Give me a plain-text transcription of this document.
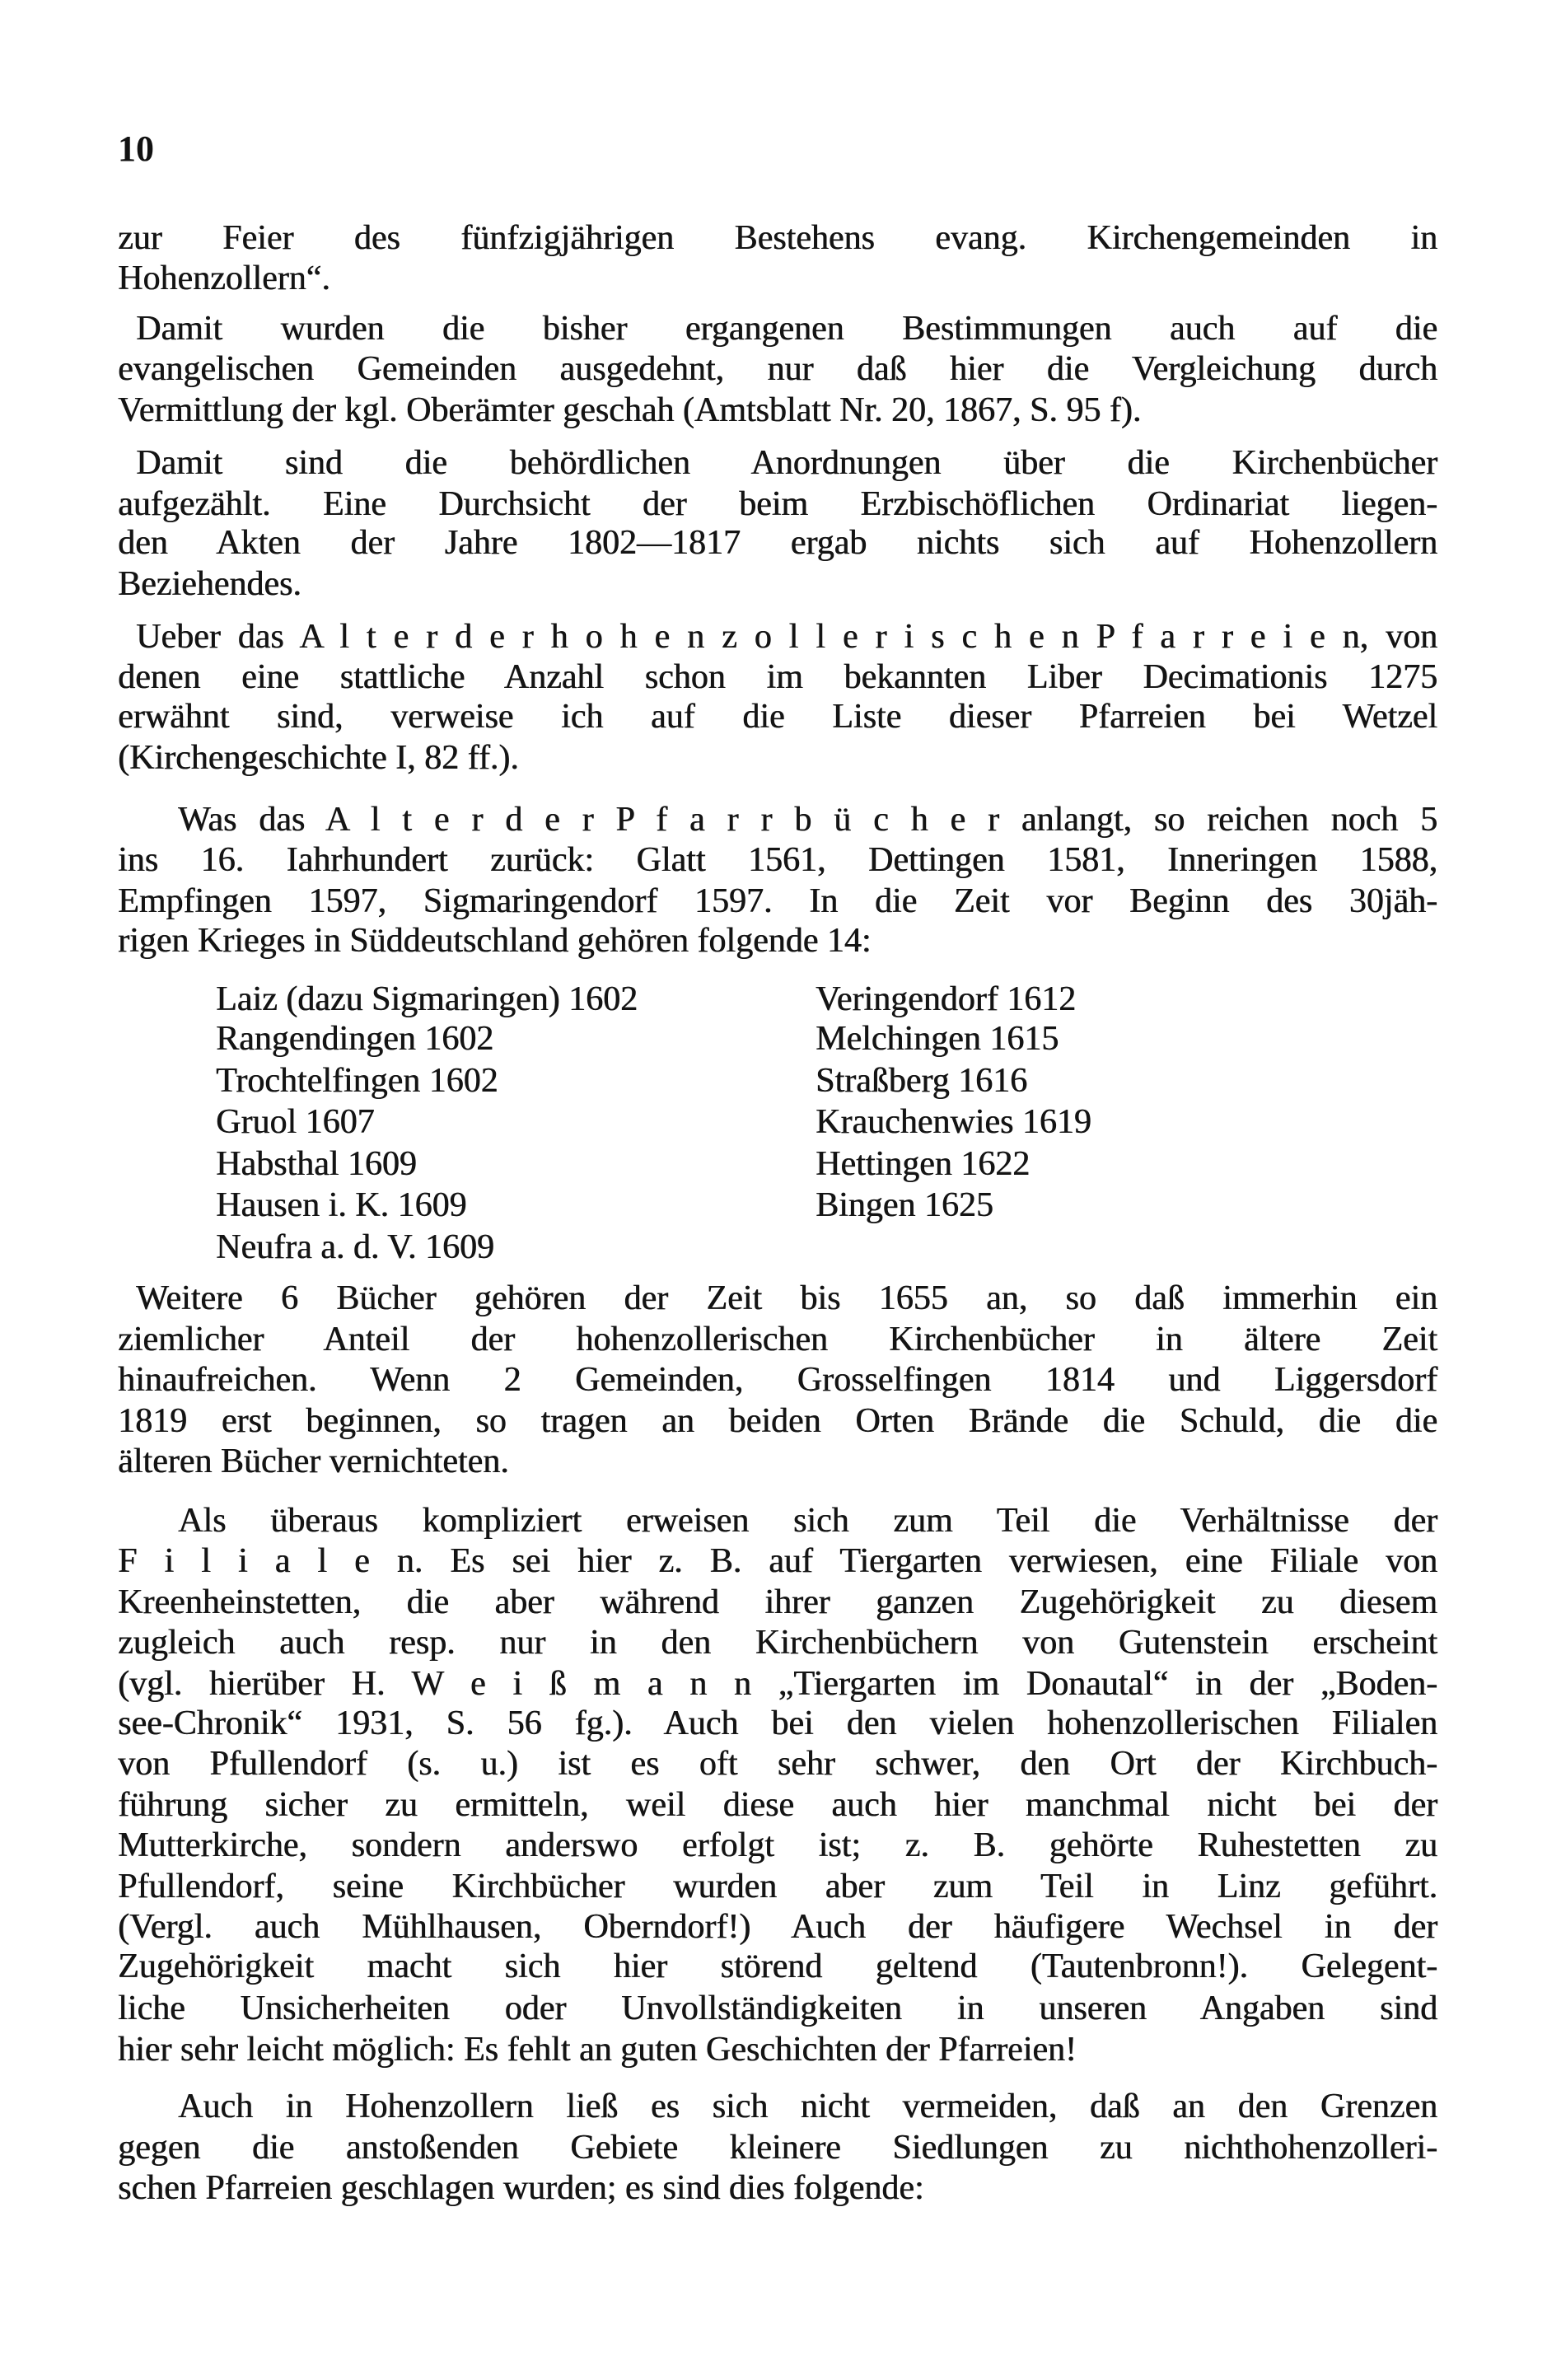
10
zur Feier des fünfzigjährigen Bestehens evang. Kirchengemeinden in
Hohenzollern“.
Damit wurden die bisher ergangenen Bestimmungen auch auf die
evangelischen Gemeinden ausgedehnt, nur daß hier die Vergleichung durch
Vermittlung der kgl. Oberämter geschah (Amtsblatt Nr. 20, 1867, S. 95 f).
Damit sind die behördlichen Anordnungen über die Kirchenbücher
aufgezählt. Eine Durchsicht der beim Erzbischöflichen Ordinariat liegen-
den Akten der Jahre 1802—1817 ergab nichts sich auf Hohenzollern
Beziehendes.
Ueber das A l t e r d e r h o h e n z o l l e r i s c h e n P f a r r e i e n, von
denen eine stattliche Anzahl schon im bekannten Liber Decimationis 1275
erwähnt sind, verweise ich auf die Liste dieser Pfarreien bei Wetzel
(Kirchengeschichte I, 82 ff.).
Was das A l t e r d e r P f a r r b ü c h e r anlangt, so reichen noch 5
ins 16. Iahrhundert zurück: Glatt 1561, Dettingen 1581, Inneringen 1588,
Empfingen 1597, Sigmaringendorf 1597. In die Zeit vor Beginn des 30jäh-
rigen Krieges in Süddeutschland gehören folgende 14:
Weitere 6 Bücher gehören der Zeit bis 1655 an, so daß immerhin ein
ziemlicher Anteil der hohenzollerischen Kirchenbücher in ältere Zeit
hinaufreichen. Wenn 2 Gemeinden, Grosselfingen 1814 und Liggersdorf
1819 erst beginnen, so tragen an beiden Orten Brände die Schuld, die die
älteren Bücher vernichteten.
Als überaus kompliziert erweisen sich zum Teil die Verhältnisse der
F i l i a l e n. Es sei hier z. B. auf Tiergarten verwiesen, eine Filiale von
Kreenheinstetten, die aber während ihrer ganzen Zugehörigkeit zu diesem
zugleich auch resp. nur in den Kirchenbüchern von Gutenstein erscheint
(vgl. hierüber H. W e i ß m a n n „Tiergarten im Donautal“ in der „Boden-
see-Chronik“ 1931, S. 56 fg.). Auch bei den vielen hohenzollerischen Filialen
von Pfullendorf (s. u.) ist es oft sehr schwer, den Ort der Kirchbuch-
führung sicher zu ermitteln, weil diese auch hier manchmal nicht bei der
Mutterkirche, sondern anderswo erfolgt ist; z. B. gehörte Ruhestetten zu
Pfullendorf, seine Kirchbücher wurden aber zum Teil in Linz geführt.
(Vergl. auch Mühlhausen, Oberndorf!) Auch der häufigere Wechsel in der
Zugehörigkeit macht sich hier störend geltend (Tautenbronn!). Gelegent-
liche Unsicherheiten oder Unvollständigkeiten in unseren Angaben sind
hier sehr leicht möglich: Es fehlt an guten Geschichten der Pfarreien!
Auch in Hohenzollern ließ es sich nicht vermeiden, daß an den Grenzen
gegen die anstoßenden Gebiete kleinere Siedlungen zu nichthohenzolleri-
schen Pfarreien geschlagen wurden; es sind dies folgende:
Laiz (dazu Sigmaringen) 1602
Rangendingen 1602
Trochtelfingen 1602
Gruol 1607
Habsthal 1609
Hausen i. K. 1609
Neufra a. d. V. 1609
Veringendorf 1612
Melchingen 1615
Straßberg 1616
Krauchenwies 1619
Hettingen 1622
Bingen 1625
